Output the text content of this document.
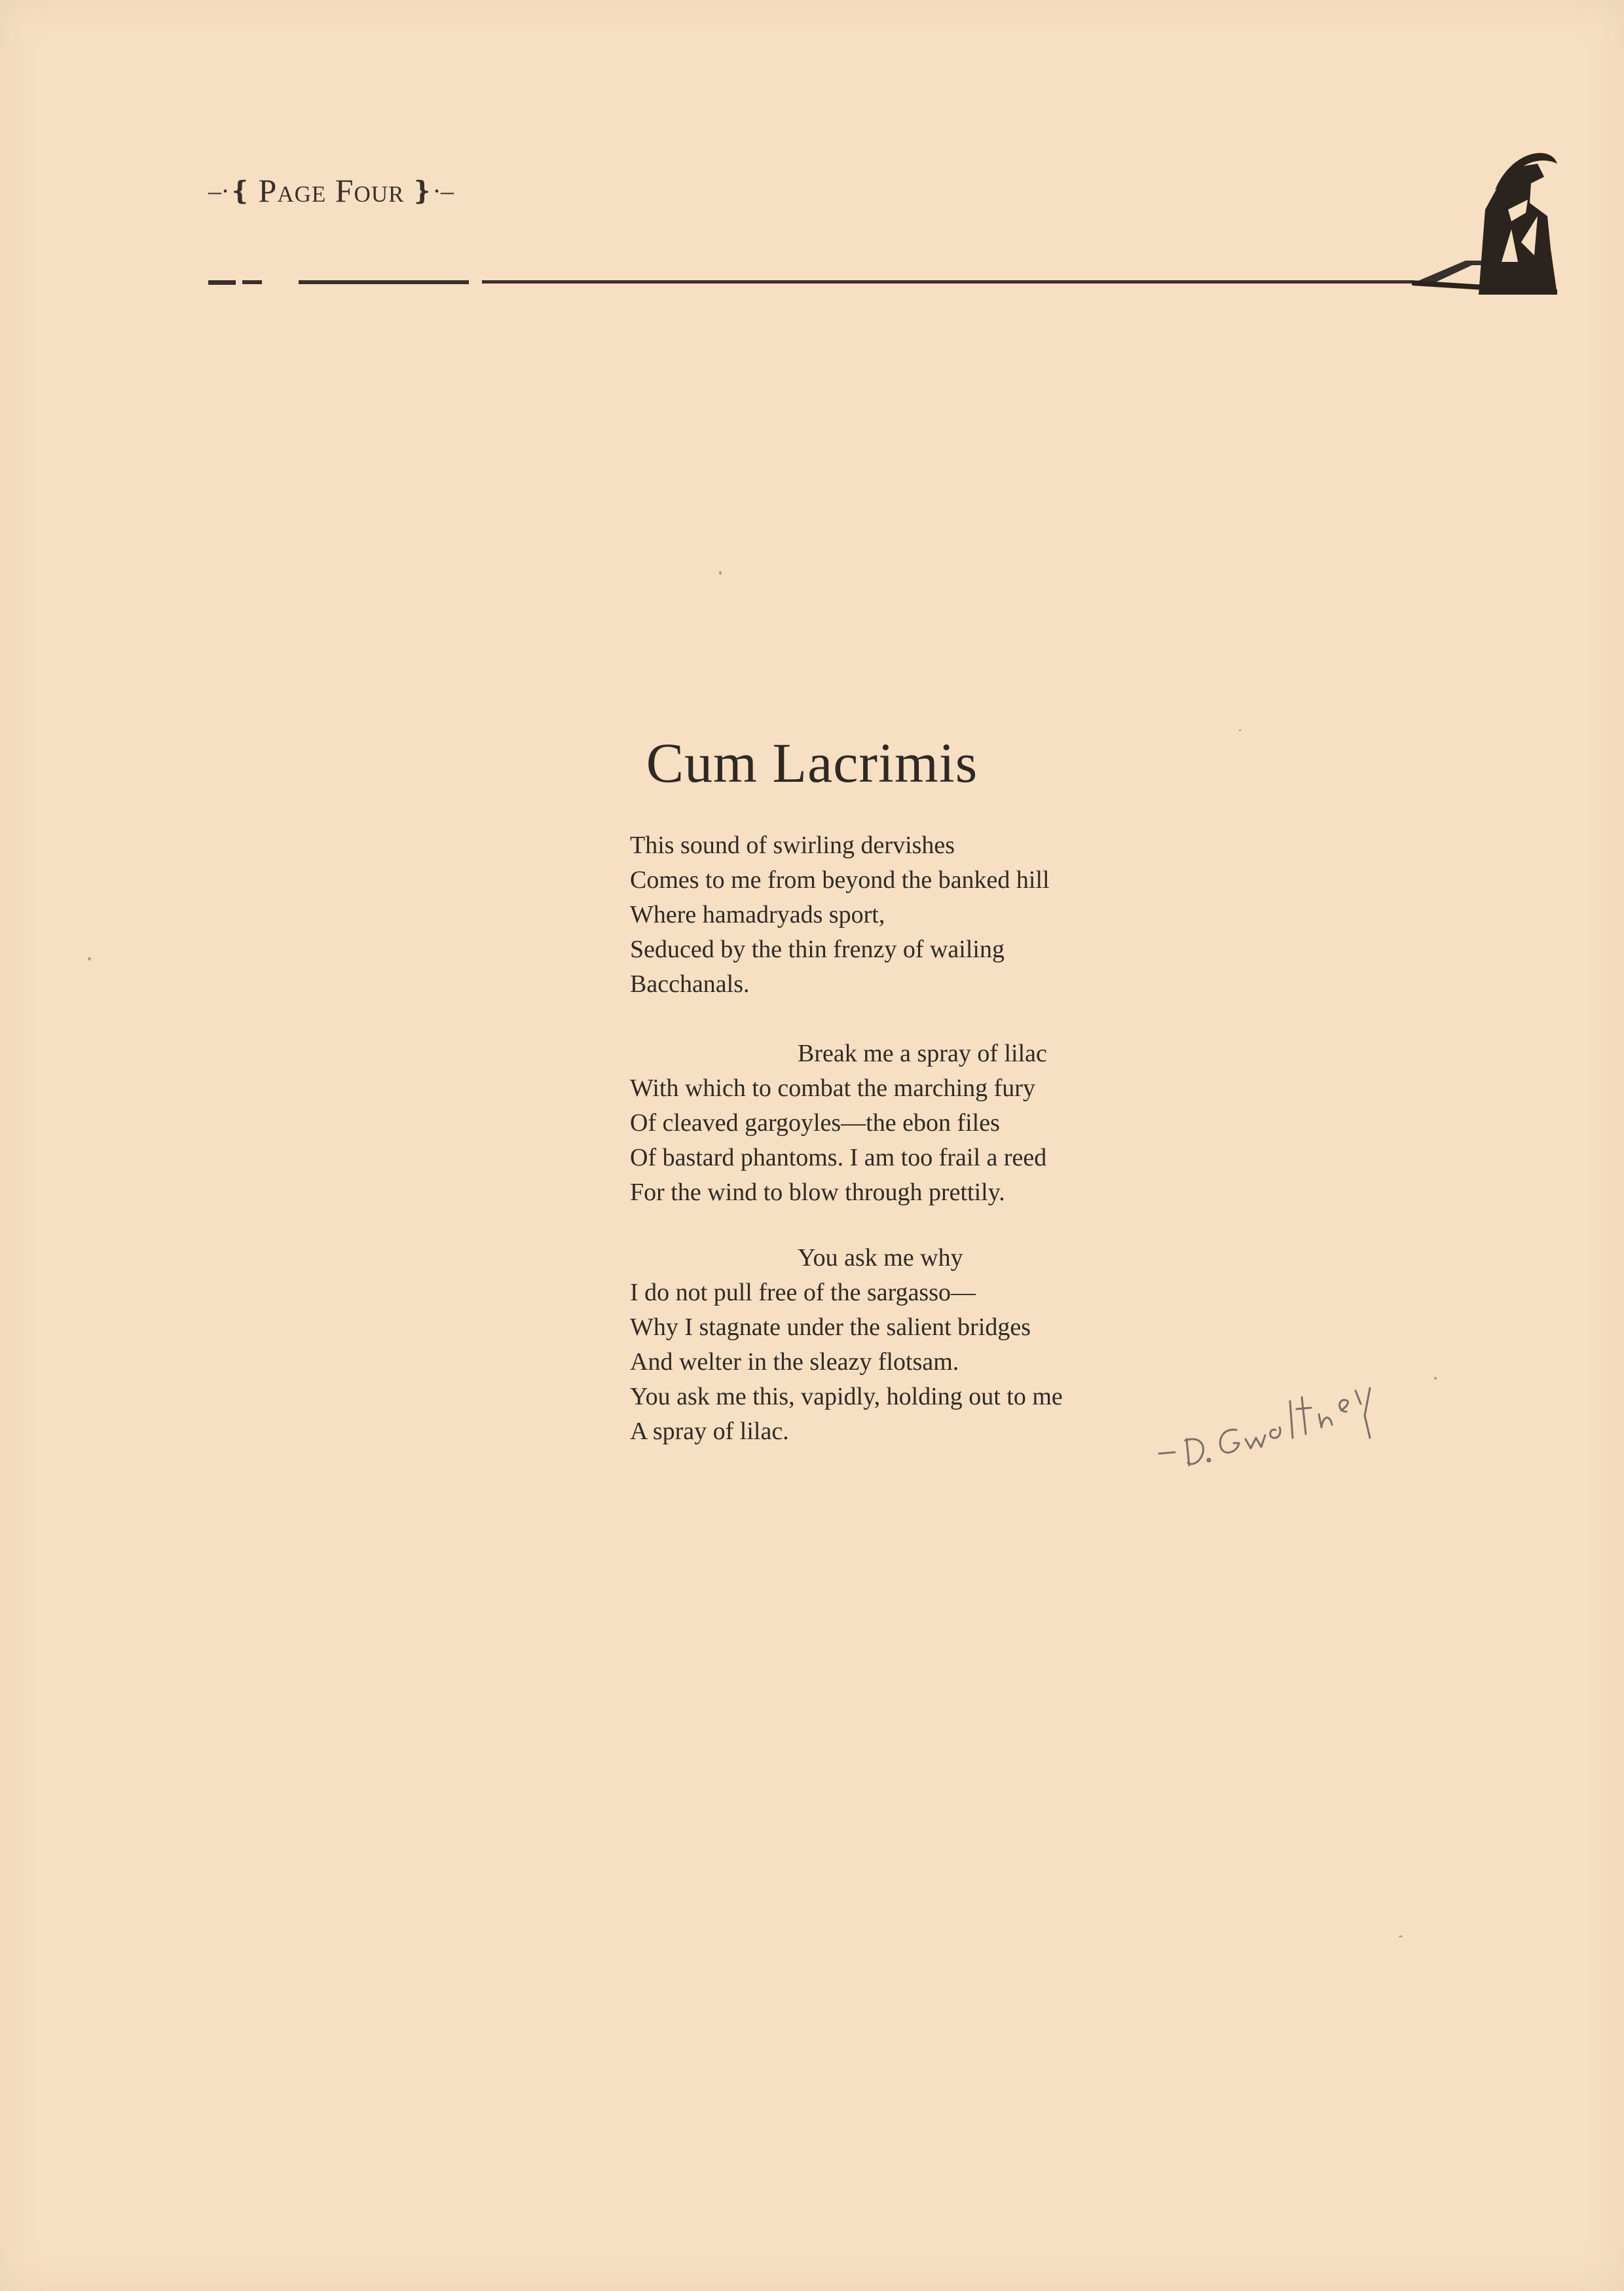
–∙❴ Page Four ❵∙–
Cum Lacrimis
This sound of swirling dervishes
Comes to me from beyond the banked hill
Where hamadryads sport,
Seduced by the thin frenzy of wailing
Bacchanals.
Break me a spray of lilac
With which to combat the marching fury
Of cleaved gargoyles—the ebon files
Of bastard phantoms. I am too frail a reed
For the wind to blow through prettily.
You ask me why
I do not pull free of the sargasso—
Why I stagnate under the salient bridges
And welter in the sleazy flotsam.
You ask me this, vapidly, holding out to me
A spray of lilac.
